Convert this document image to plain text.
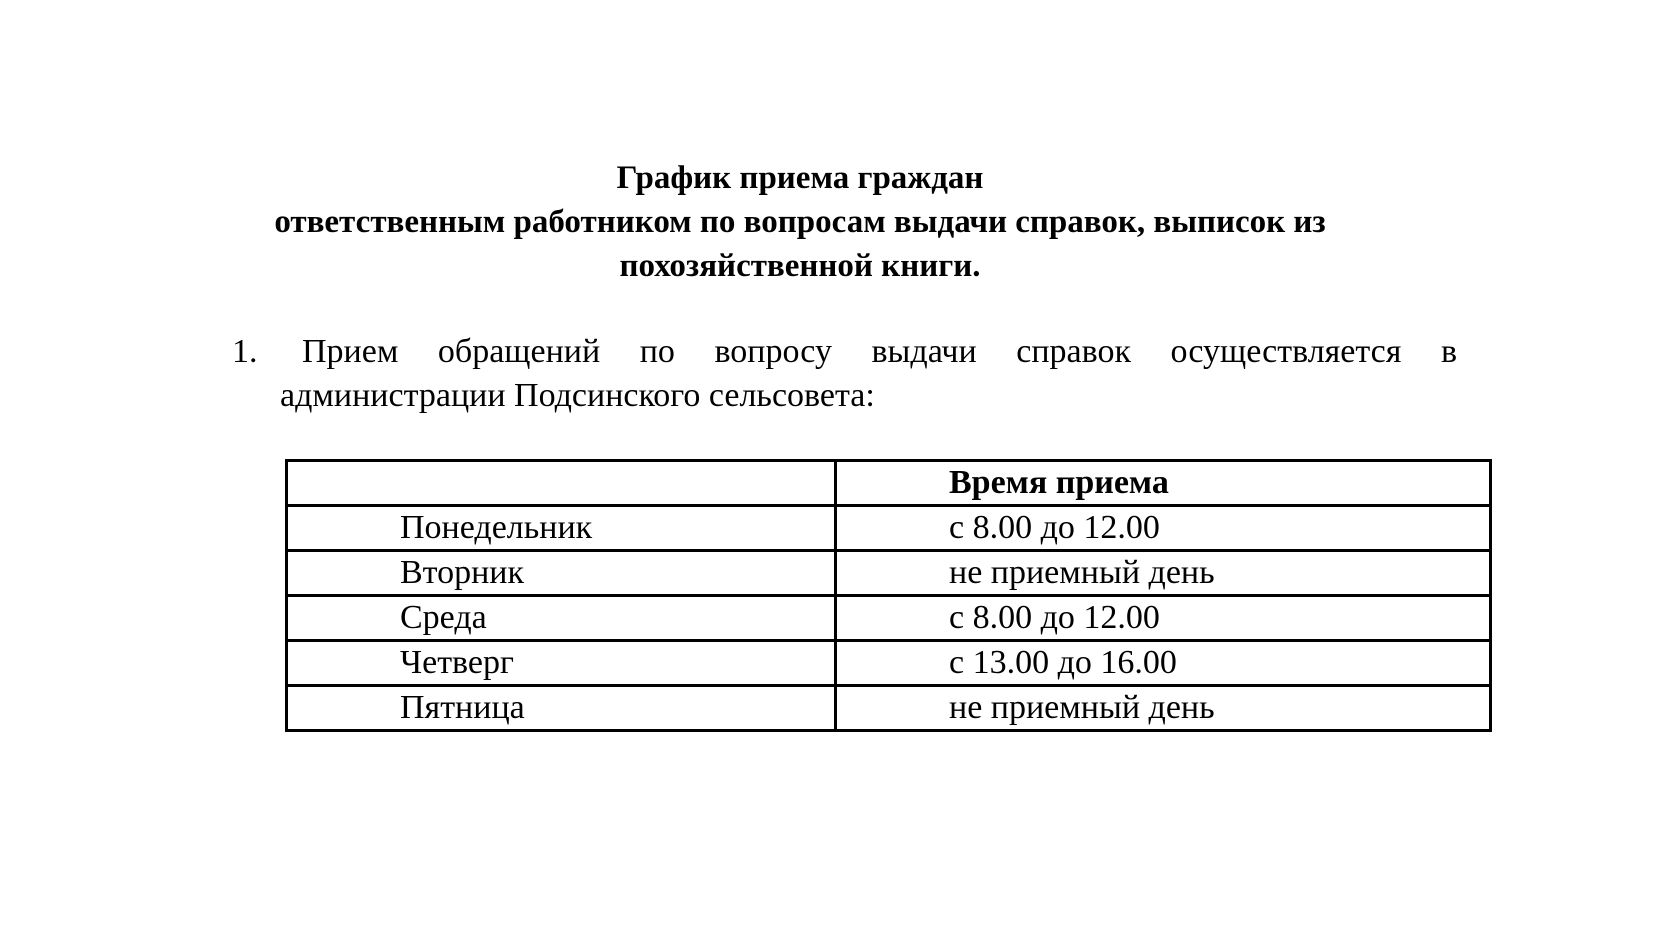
График приема граждан
ответственным работником по вопросам выдачи справок, выписок из
похозяйственной книги.
1.	Прием обращений по вопросу выдачи справок осуществляется в
администрации Подсинского сельсовета:
	Время приема
Понедельник	с 8.00 до 12.00
Вторник	не приемный день
Среда	с 8.00 до 12.00
Четверг	с 13.00 до 16.00
Пятница	не приемный день
